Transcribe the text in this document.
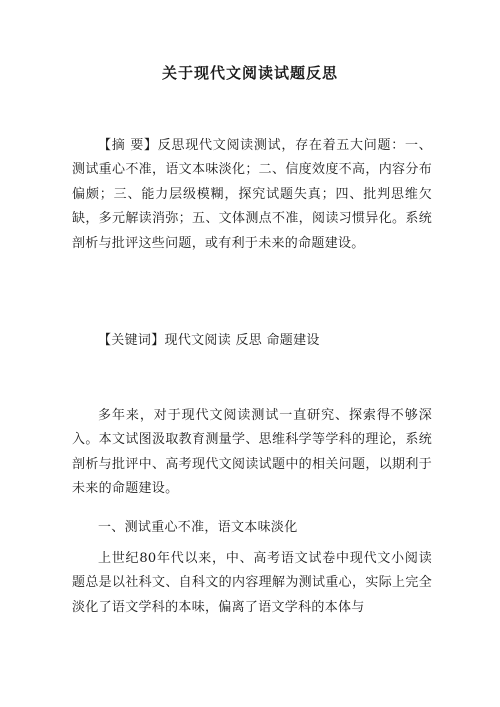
关于现代文阅读试题反思

【摘 要】反思现代文阅读测试，存在着五大问题：一、测试重心不准，语文本味淡化；二、信度效度不高，内容分布偏颇；三、能力层级模糊，探究试题失真；四、批判思维欠缺，多元解读消弥；五、文体测点不准，阅读习惯异化。系统剖析与批评这些问题，或有利于未来的命题建设。

【关键词】现代文阅读 反思 命题建设

多年来，对于现代文阅读测试一直研究、探索得不够深入。本文试图汲取教育测量学、思维科学等学科的理论，系统剖析与批评中、高考现代文阅读试题中的相关问题，以期利于未来的命题建设。

一、测试重心不准，语文本味淡化

上世纪80年代以来，中、高考语文试卷中现代文小阅读题总是以社科文、自科文的内容理解为测试重心，实际上完全淡化了语文学科的本味，偏离了语文学科的本体与
